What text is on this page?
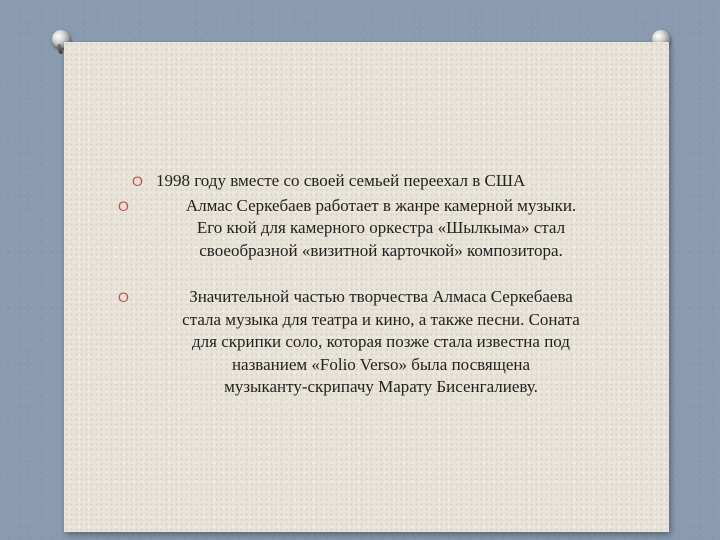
O 1998 году вместе со своей семьей переехал в США
O	Алмас Серкебаев работает в жанре камерной музыки.
Его кюй для камерного оркестра «Шылкыма» стал
своеобразной «визитной карточкой» композитора.
O	Значительной частью творчества Алмаса Серкебаева
стала музыка для театра и кино, а также песни. Соната
для скрипки соло, которая позже стала известна под
названием «Folio Verso» была посвящена
музыканту-скрипачу Марату Бисенгалиеву.
